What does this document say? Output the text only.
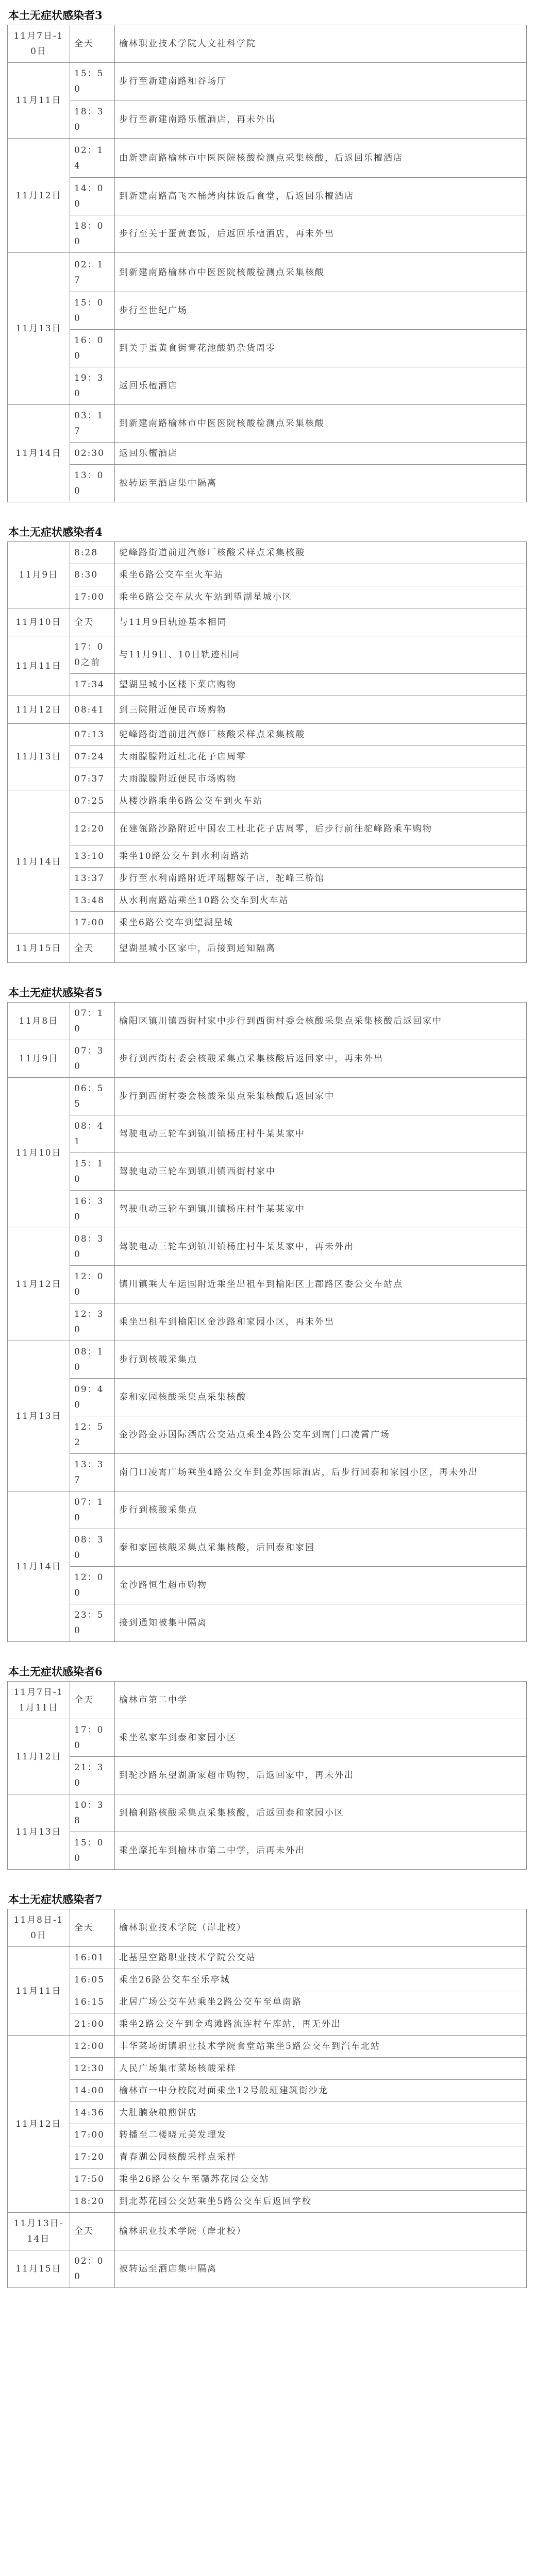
本土无症状感染者3
11月7日-10日	全天	榆林职业技术学院人文社科学院
11月11日	15：50	步行至新建南路和谷场厅
	18：30	步行至新建南路乐檀酒店，再未外出
11月12日	02：14	由新建南路榆林市中医医院核酸检测点采集核酸，后返回乐檀酒店
	14：00	到新建南路高飞木桶烤肉抹饭后食堂，后返回乐檀酒店
	18：00	步行至关于蛋黄套饭，后返回乐檀酒店，再未外出
11月13日	02：17	到新建南路榆林市中医医院核酸检测点采集核酸
	15：00	步行至世纪广场
	16：00	到关于蛋黄食街青花池酸奶杂货周零
	19：30	返回乐檀酒店
11月14日	03：17	到新建南路榆林市中医医院核酸检测点采集核酸
	02:30	返回乐檀酒店
	13：00	被转运至酒店集中隔离
本土无症状感染者4
11月9日	8:28	驼峰路街道前进汽修厂核酸采样点采集核酸
	8:30	乘坐6路公交车至火车站
	17:00	乘坐6路公交车从火车站到望湖星城小区
11月10日	全天	与11月9日轨迹基本相同
11月11日	17：00之前	与11月9日、10日轨迹相同
	17:34	望湖星城小区楼下菜店购物
11月12日	08:41	到三院附近便民市场购物
11月13日	07:13	驼峰路街道前进汽修厂核酸采样点采集核酸
	07:24	大雨朦朦附近杜北花子店周零
	07:37	大雨朦朦附近便民市场购物
11月14日	07:25	从楼沙路乘坐6路公交车到火车站
	12:20	在建瓴路沙路附近中国农工杜北花子店周零，后步行前往驼峰路乘车购物
	13:10	乘坐10路公交车到水利南路站
	13:37	步行至水利南路附近坪瑶糖嫁子店，驼峰三桥馆
	13:48	从水利南路站乘坐10路公交车到火车站
	17:00	乘坐6路公交车到望湖星城
11月15日	全天	望湖星城小区家中，后接到通知隔离
本土无症状感染者5
11月8日	07：10	榆阳区镇川镇西街村家中步行到西街村委会核酸采集点采集核酸后返回家中
11月9日	07：30	步行到西街村委会核酸采集点采集核酸后返回家中，再未外出
11月10日	06：55	步行到西街村委会核酸采集点采集核酸后返回家中
	08：41	驾驶电动三轮车到镇川镇杨庄村牛某某家中
	15：10	驾驶电动三轮车到镇川镇西街村家中
	16：30	驾驶电动三轮车到镇川镇杨庄村牛某某家中
11月12日	08：30	驾驶电动三轮车到镇川镇杨庄村牛某某家中，再未外出
	12：00	镇川镇乘大车运国附近乘坐出租车到榆阳区上郡路区委公交车站点
	12：30	乘坐出租车到榆阳区金沙路和家园小区，再未外出
11月13日	08：10	步行到核酸采集点
	09：40	泰和家园核酸采集点采集核酸
	12：52	金沙路金苏国际酒店公交站点乘坐4路公交车到南门口凌霄广场
	13：37	南门口凌霄广场乘坐4路公交车到金苏国际酒店，后步行回泰和家园小区，再未外出
11月14日	07：10	步行到核酸采集点
	08：30	泰和家园核酸采集点采集核酸，后回泰和家园
	12：00	金沙路恒生超市购物
	23：50	接到通知被集中隔离
本土无症状感染者6
11月7日-11月11日	全天	榆林市第二中学
11月12日	17：00	乘坐私家车到泰和家园小区
	21：30	到驼沙路东望湖新家超市购物，后返回家中，再未外出
11月13日	10：38	到榆利路核酸采集点采集核酸，后返回泰和家园小区
	15：00	乘坐摩托车到榆林市第二中学，后再未外出
本土无症状感染者7
11月8日-10日	全天	榆林职业技术学院（岸北校）
11月11日	16:01	北基星空路职业技术学院公交站
	16:05	乘坐26路公交车至乐亭城
	16:15	北居广场公交车站乘坐2路公交车至单南路
	21:00	乘坐2路公交车到金鸡滩路流连村车库站，再无外出
11月12日	12:00	丰华菜场街镇职业技术学院食堂站乘坐5路公交车到汽车北站
	12:30	人民广场集市菜场核酸采样
	14:00	榆林市一中分校院对面乘坐12号般班建筑街沙龙
	14:36	大肚腩杂粮煎饼店
	17:00	转播至二楼晓元美发理发
	17:20	青春湖公园核酸采样点采样
	17:50	乘坐26路公交车至赣苏花园公交站
	18:20	到北苏花园公交站乘坐5路公交车后返回学校
11月13日-14日	全天	榆林职业技术学院（岸北校）
11月15日	02：00	被转运至酒店集中隔离
